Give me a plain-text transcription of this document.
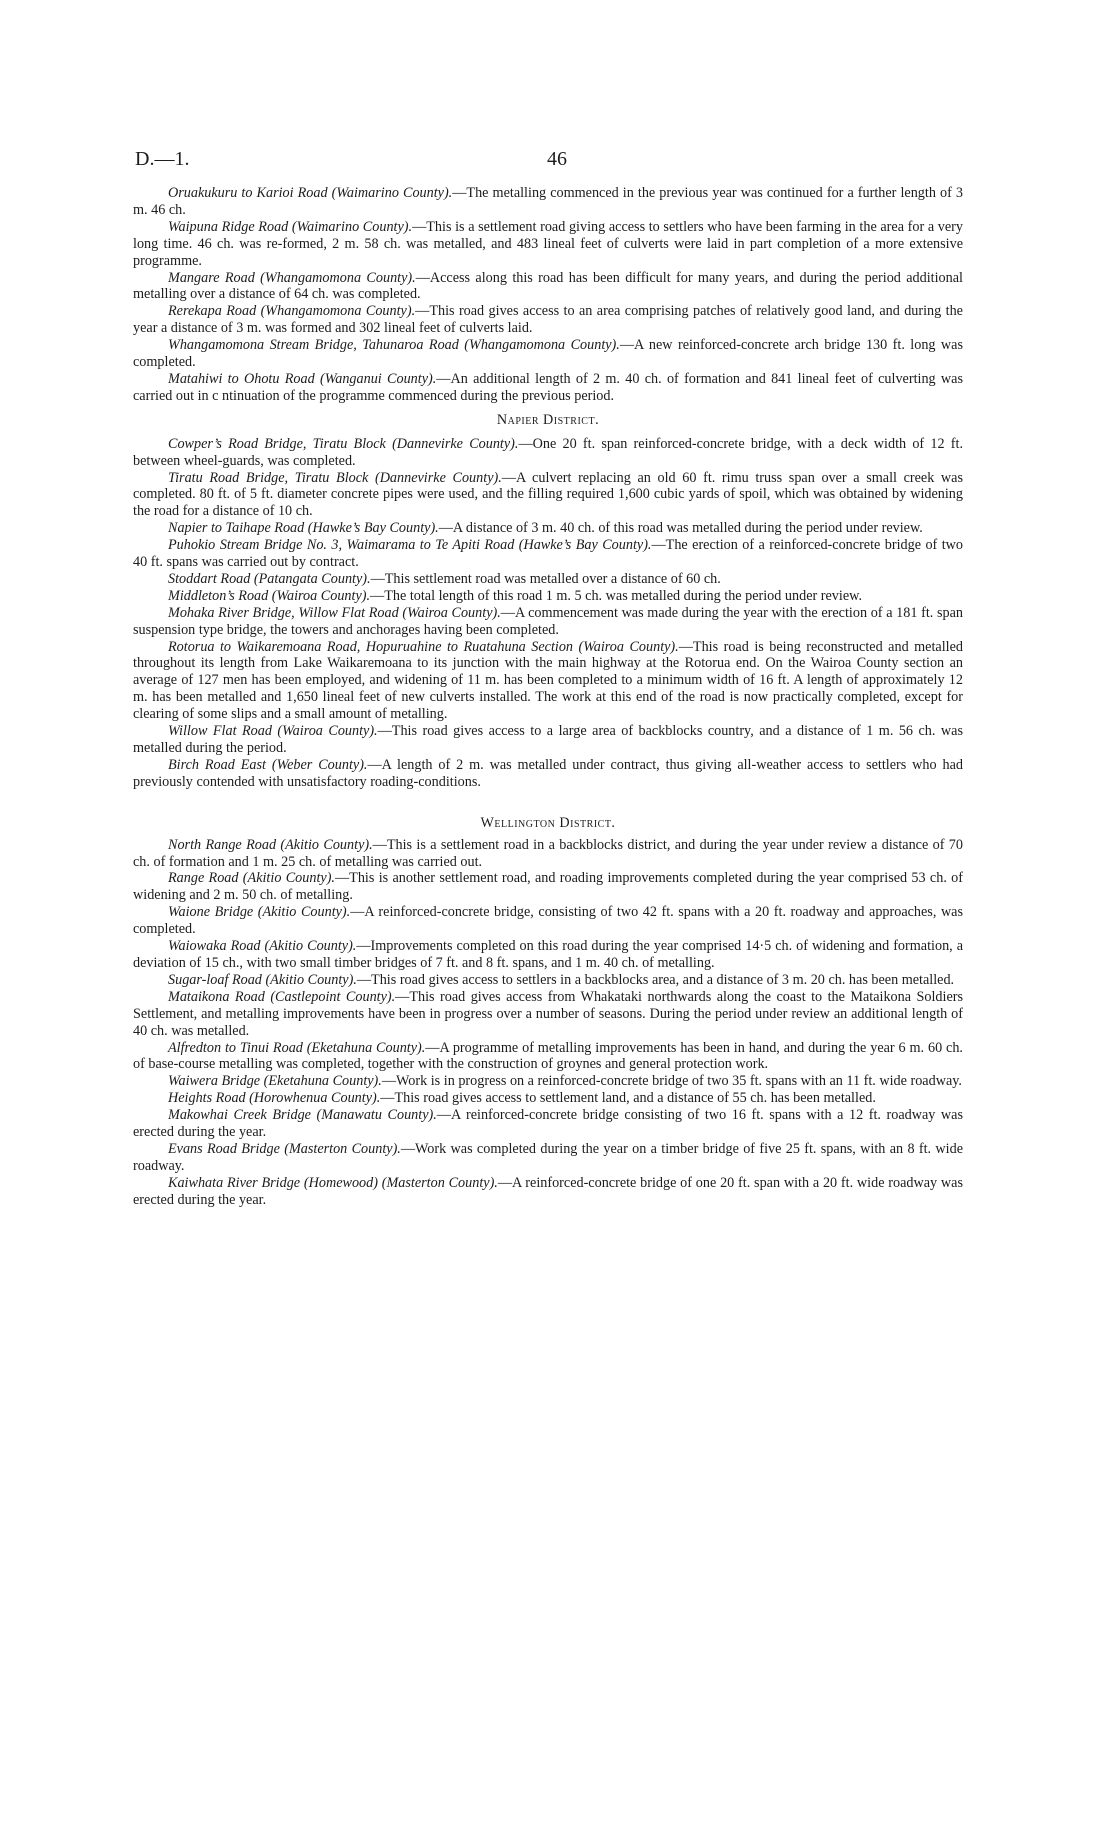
D.—1.	46

Oruakukuru to Karioi Road (Waimarino County).—The metalling commenced in the previous year was continued for a further length of 3 m. 46 ch.

Waipuna Ridge Road (Waimarino County).—This is a settlement road giving access to settlers who have been farming in the area for a very long time. 46 ch. was re-formed, 2 m. 58 ch. was metalled, and 483 lineal feet of culverts were laid in part completion of a more extensive programme.

Mangare Road (Whangamomona County).—Access along this road has been difficult for many years, and during the period additional metalling over a distance of 64 ch. was completed.

Rerekapa Road (Whangamomona County).—This road gives access to an area comprising patches of relatively good land, and during the year a distance of 3 m. was formed and 302 lineal feet of culverts laid.

Whangamomona Stream Bridge, Tahunaroa Road (Whangamomona County).—A new reinforced-concrete arch bridge 130 ft. long was completed.

Matahiwi to Ohotu Road (Wanganui County).—An additional length of 2 m. 40 ch. of formation and 841 lineal feet of culverting was carried out in c ntinuation of the programme commenced during the previous period.

Napier District.

Cowper’s Road Bridge, Tiratu Block (Dannevirke County).—One 20 ft. span reinforced-concrete bridge, with a deck width of 12 ft. between wheel-guards, was completed.

Tiratu Road Bridge, Tiratu Block (Dannevirke County).—A culvert replacing an old 60 ft. rimu truss span over a small creek was completed. 80 ft. of 5 ft. diameter concrete pipes were used, and the filling required 1,600 cubic yards of spoil, which was obtained by widening the road for a distance of 10 ch.

Napier to Taihape Road (Hawke’s Bay County).—A distance of 3 m. 40 ch. of this road was metalled during the period under review.

Puhokio Stream Bridge No. 3, Waimarama to Te Apiti Road (Hawke’s Bay County).—The erection of a reinforced-concrete bridge of two 40 ft. spans was carried out by contract.

Stoddart Road (Patangata County).—This settlement road was metalled over a distance of 60 ch.

Middleton’s Road (Wairoa County).—The total length of this road 1 m. 5 ch. was metalled during the period under review.

Mohaka River Bridge, Willow Flat Road (Wairoa County).—A commencement was made during the year with the erection of a 181 ft. span suspension type bridge, the towers and anchorages having been completed.

Rotorua to Waikaremoana Road, Hopuruahine to Ruatahuna Section (Wairoa County).—This road is being reconstructed and metalled throughout its length from Lake Waikaremoana to its junction with the main highway at the Rotorua end. On the Wairoa County section an average of 127 men has been employed, and widening of 11 m. has been completed to a minimum width of 16 ft. A length of approximately 12 m. has been metalled and 1,650 lineal feet of new culverts installed. The work at this end of the road is now practically completed, except for clearing of some slips and a small amount of metalling.

Willow Flat Road (Wairoa County).—This road gives access to a large area of backblocks country, and a distance of 1 m. 56 ch. was metalled during the period.

Birch Road East (Weber County).—A length of 2 m. was metalled under contract, thus giving all-weather access to settlers who had previously contended with unsatisfactory roading-conditions.

Wellington District.

North Range Road (Akitio County).—This is a settlement road in a backblocks district, and during the year under review a distance of 70 ch. of formation and 1 m. 25 ch. of metalling was carried out.

Range Road (Akitio County).—This is another settlement road, and roading improvements completed during the year comprised 53 ch. of widening and 2 m. 50 ch. of metalling.

Waione Bridge (Akitio County).—A reinforced-concrete bridge, consisting of two 42 ft. spans with a 20 ft. roadway and approaches, was completed.

Waiowaka Road (Akitio County).—Improvements completed on this road during the year comprised 14·5 ch. of widening and formation, a deviation of 15 ch., with two small timber bridges of 7 ft. and 8 ft. spans, and 1 m. 40 ch. of metalling.

Sugar-loaf Road (Akitio County).—This road gives access to settlers in a backblocks area, and a distance of 3 m. 20 ch. has been metalled.

Mataikona Road (Castlepoint County).—This road gives access from Whakataki northwards along the coast to the Mataikona Soldiers Settlement, and metalling improvements have been in progress over a number of seasons. During the period under review an additional length of 40 ch. was metalled.

Alfredton to Tinui Road (Eketahuna County).—A programme of metalling improvements has been in hand, and during the year 6 m. 60 ch. of base-course metalling was completed, together with the construction of groynes and general protection work.

Waiwera Bridge (Eketahuna County).—Work is in progress on a reinforced-concrete bridge of two 35 ft. spans with an 11 ft. wide roadway.

Heights Road (Horowhenua County).—This road gives access to settlement land, and a distance of 55 ch. has been metalled.

Makowhai Creek Bridge (Manawatu County).—A reinforced-concrete bridge consisting of two 16 ft. spans with a 12 ft. roadway was erected during the year.

Evans Road Bridge (Masterton County).—Work was completed during the year on a timber bridge of five 25 ft. spans, with an 8 ft. wide roadway.

Kaiwhata River Bridge (Homewood) (Masterton County).—A reinforced-concrete bridge of one 20 ft. span with a 20 ft. wide roadway was erected during the year.
